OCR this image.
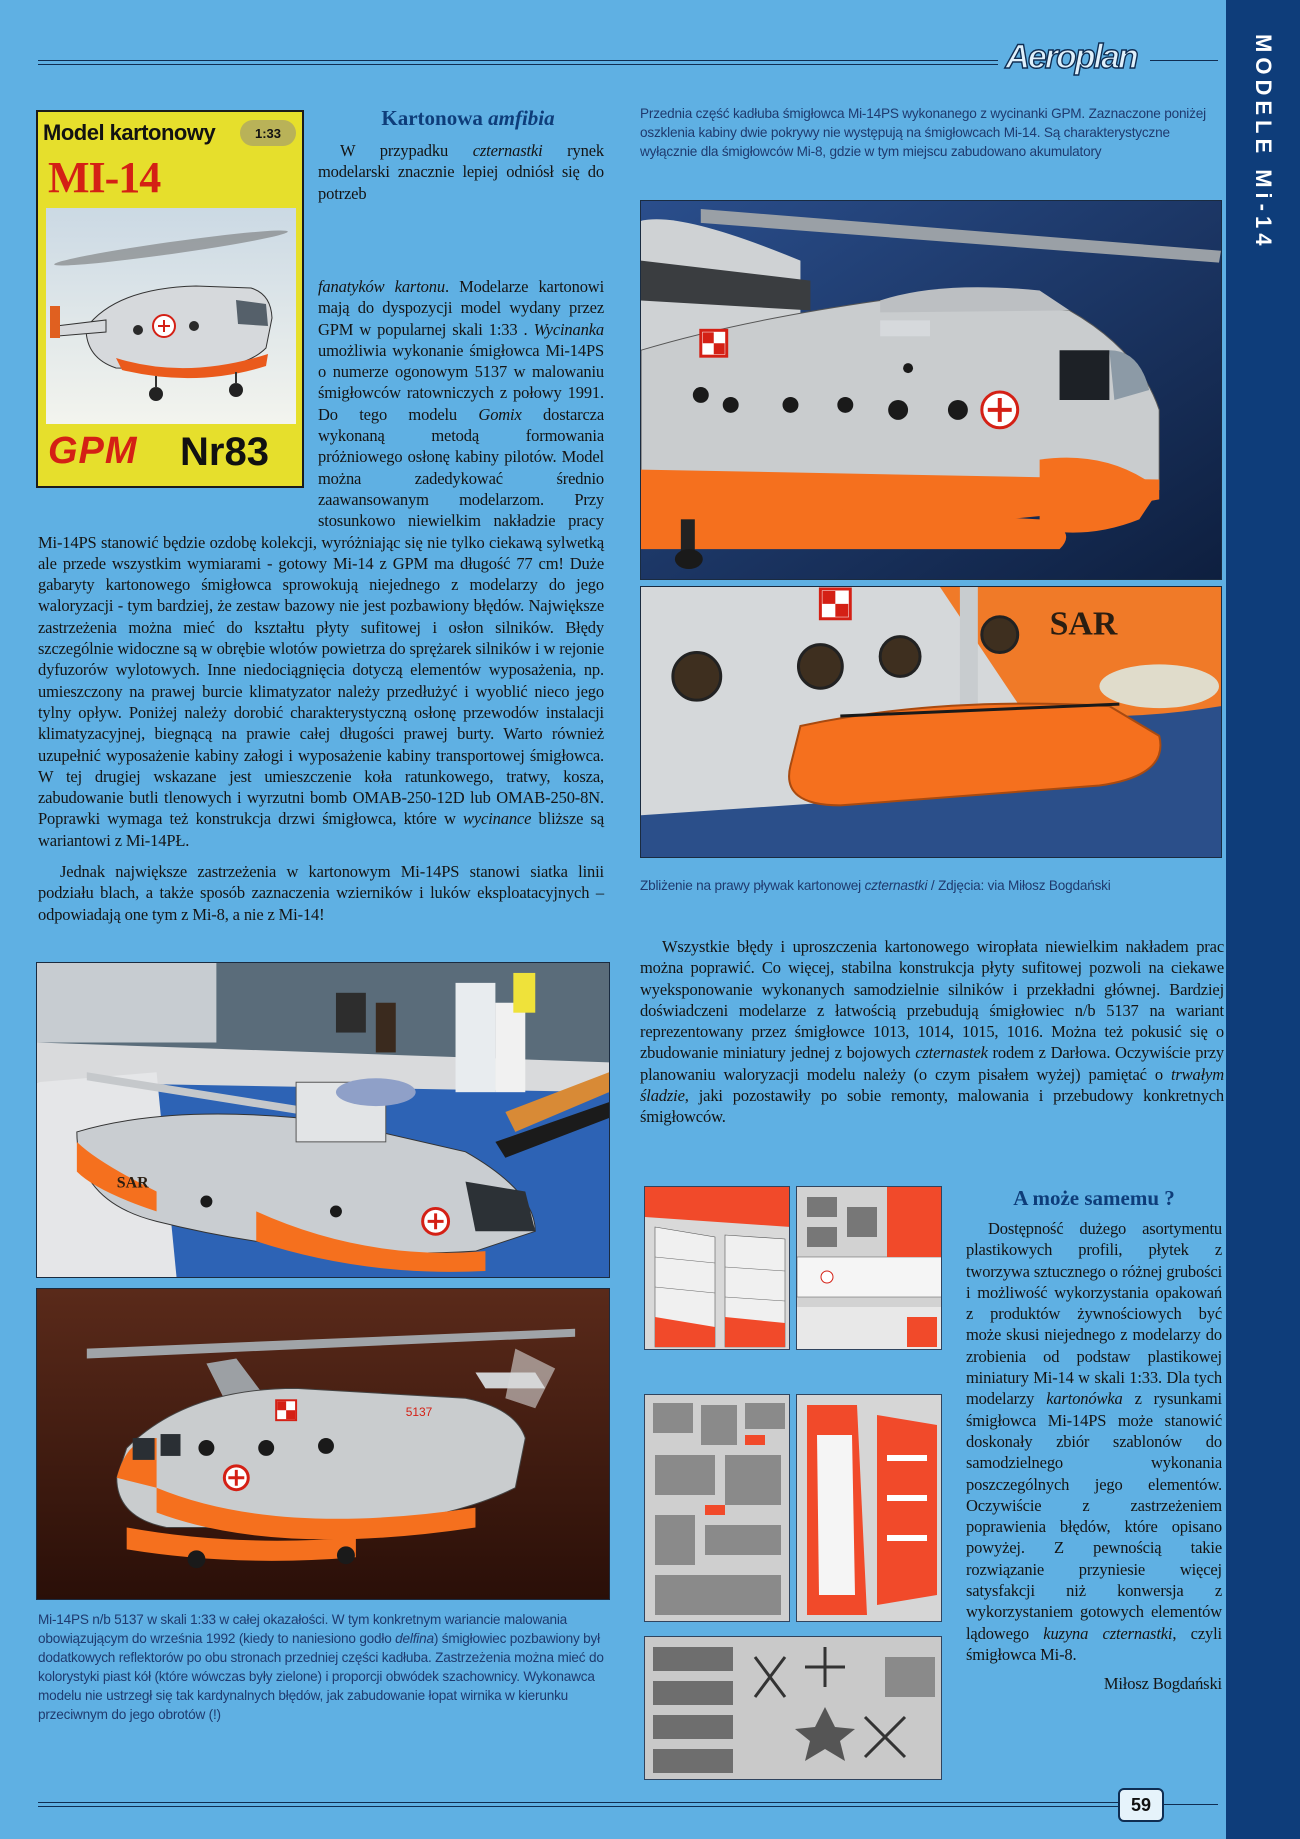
Aeroplan	MODELE Mi-14
Model kartonowy	1:33
MI-14
GPM Nr83
Kartonowa amfibia

W przypadku czternastki rynek modelarski znacznie lepiej odniósł się do potrzeb

fanatyków kartonu. Modelarze kartonowi mają do dyspozycji model wydany przez GPM w popularnej skali 1:33 . Wycinanka umożliwia wykonanie śmigłowca Mi-14PS o numerze ogonowym 5137 w malowaniu śmigłowców ratowniczych z połowy 1991. Do tego modelu Gomix dostarcza wykonaną metodą formowania próżniowego osłonę kabiny pilotów. Model można zadedykować średnio zaawansowanym modelarzom. Przy stosunkowo niewielkim nakładzie pracy Mi-14PS stanowić będzie ozdobę kolekcji, wyróżniając się nie tylko ciekawą sylwetką ale przede wszystkim wymiarami - gotowy Mi-14 z GPM ma długość 77 cm! Duże gabaryty kartonowego śmigłowca sprowokują niejednego z modelarzy do jego waloryzacji - tym bardziej, że zestaw bazowy nie jest pozbawiony błędów. Największe zastrzeżenia można mieć do kształtu płyty sufitowej i osłon silników. Błędy szczególnie widoczne są w obrębie wlotów powietrza do sprężarek silników i w rejonie dyfuzorów wylotowych. Inne niedociągnięcia dotyczą elementów wyposażenia, np. umieszczony na prawej burcie klimatyzator należy przedłużyć i wyoblić nieco jego tylny opływ. Poniżej należy dorobić charakterystyczną osłonę przewodów instalacji klimatyzacyjnej, biegnącą na prawie całej długości prawej burty. Warto również uzupełnić wyposażenie kabiny załogi i wyposażenie kabiny transportowej śmigłowca. W tej drugiej wskazane jest umieszczenie koła ratunkowego, tratwy, kosza, zabudowanie butli tlenowych i wyrzutni bomb OMAB-250-12D lub OMAB-250-8N. Poprawki wymaga też konstrukcja drzwi śmigłowca, które w wycinance bliższe są wariantowi z Mi-14PŁ.

Jednak największe zastrzeżenia w kartonowym Mi-14PS stanowi siatka linii podziału blach, a także sposób zaznaczenia wzierników i luków eksploatacyjnych – odpowiadają one tym z Mi-8, a nie z Mi-14!

Przednia część kadłuba śmigłowca Mi-14PS wykonanego z wycinanki GPM. Zaznaczone poniżej oszklenia kabiny dwie pokrywy nie występują na śmigłowcach Mi-14. Są charakterystyczne wyłącznie dla śmigłowców Mi-8, gdzie w tym miejscu zabudowano akumulatory
SAR
Zbliżenie na prawy pływak kartonowej czternastki / Zdjęcia: via Miłosz Bogdański

Wszystkie błędy i uproszczenia kartonowego wiropłata niewielkim nakładem prac można poprawić. Co więcej, stabilna konstrukcja płyty sufitowej pozwoli na ciekawe wyeksponowanie wykonanych samodzielnie silników i przekładni głównej. Bardziej doświadczeni modelarze z łatwością przebudują śmigłowiec n/b 5137 na wariant reprezentowany przez śmigłowce 1013, 1014, 1015, 1016. Można też pokusić się o zbudowanie miniatury jednej z bojowych czternastek rodem z Darłowa. Oczywiście przy planowaniu waloryzacji modelu należy (o czym pisałem wyżej) pamiętać o trwałym śladzie, jaki pozostawiły po sobie remonty, malowania i przebudowy konkretnych śmigłowców.

SAR
5137
Mi-14PS n/b 5137 w skali 1:33 w całej okazałości. W tym konkretnym wariancie malowania obowiązującym do września 1992 (kiedy to naniesiono godło delfina) śmigłowiec pozbawiony był dodatkowych reflektorów po obu stronach przedniej części kadłuba. Zastrzeżenia można mieć do kolorystyki piast kół (które wówczas były zielone) i proporcji obwódek szachownicy. Wykonawca modelu nie ustrzegł się tak kardynalnych błędów, jak zabudowanie łopat wirnika w kierunku przeciwnym do jego obrotów (!)
A może samemu ?

Dostępność dużego asortymentu plastikowych profili, płytek z tworzywa sztucznego o różnej grubości i możliwość wykorzystania opakowań z produktów żywnościowych być może skusi niejednego z modelarzy do zrobienia od podstaw plastikowej miniatury Mi-14 w skali 1:33. Dla tych modelarzy kartonówka z rysunkami śmigłowca Mi-14PS może stanowić doskonały zbiór szablonów do samodzielnego wykonania poszczególnych jego elementów. Oczywiście z zastrzeżeniem poprawienia błędów, które opisano powyżej. Z pewnością takie rozwiązanie przyniesie więcej satysfakcji niż konwersja z wykorzystaniem gotowych elementów lądowego kuzyna czternastki, czyli śmigłowca Mi-8.

Miłosz Bogdański

59
